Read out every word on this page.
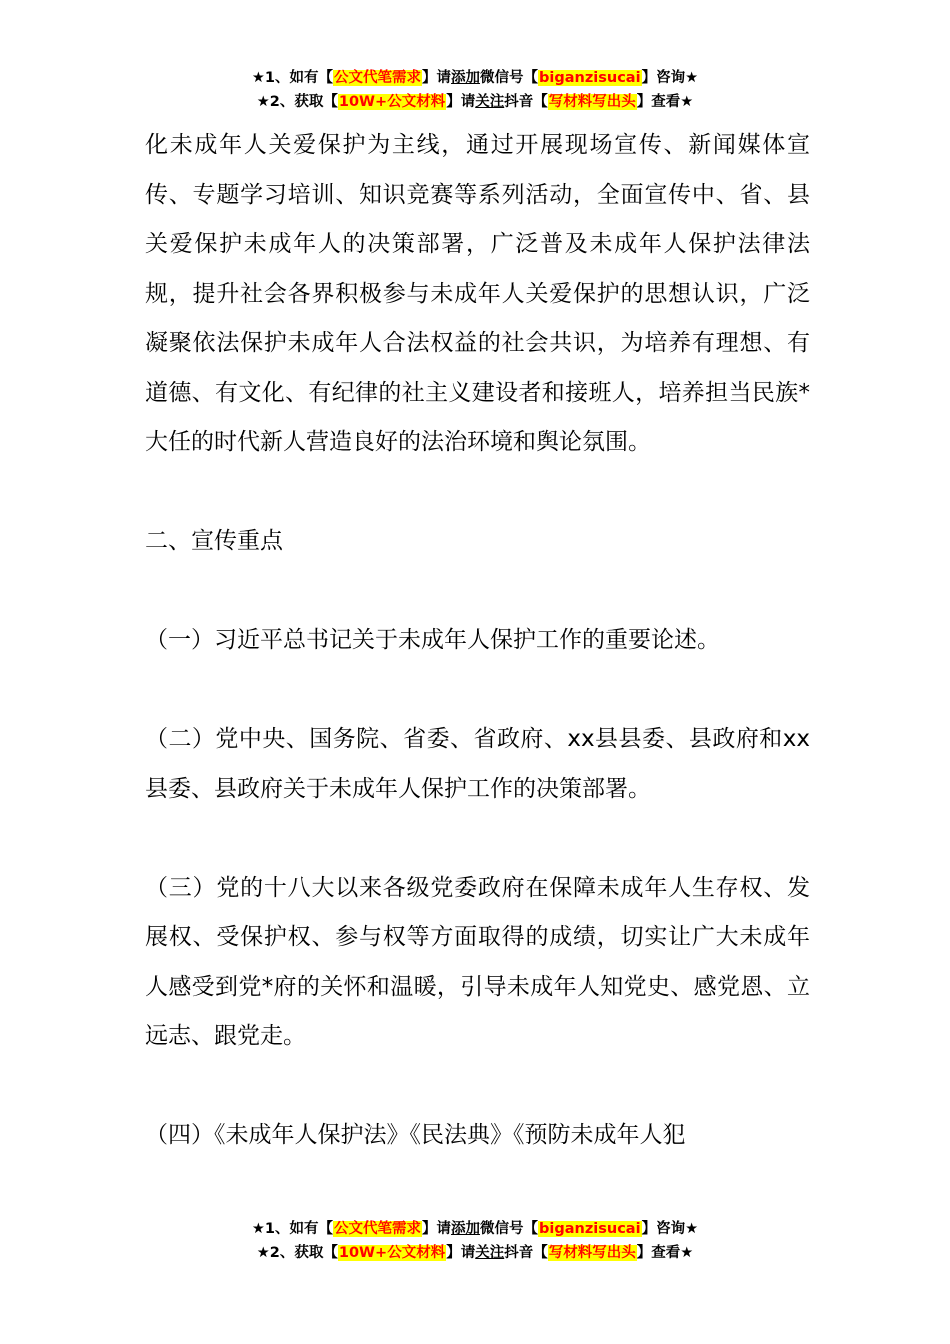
★1、如有【公文代笔需求】请添加微信号【biganzisucai】咨询★
★2、获取【10W+公文材料】请关注抖音【写材料写出头】查看★

化未成年人关爱保护为主线，通过开展现场宣传、新闻媒体宣传、专题学习培训、知识竞赛等系列活动，全面宣传中、省、县关爱保护未成年人的决策部署，广泛普及未成年人保护法律法规，提升社会各界积极参与未成年人关爱保护的思想认识，广泛凝聚依法保护未成年人合法权益的社会共识，为培养有理想、有道德、有文化、有纪律的社主义建设者和接班人，培养担当民族*大任的时代新人营造良好的法治环境和舆论氛围。

二、宣传重点

（一）习近平总书记关于未成年人保护工作的重要论述。

（二）党中央、国务院、省委、省政府、xx县县委、县政府和xx县委、县政府关于未成年人保护工作的决策部署。

（三）党的十八大以来各级党委政府在保障未成年人生存权、发展权、受保护权、参与权等方面取得的成绩，切实让广大未成年人感受到党*府的关怀和温暖，引导未成年人知党史、感党恩、立远志、跟党走。

（四）《未成年人保护法》《民法典》《预防未成年人犯

★1、如有【公文代笔需求】请添加微信号【biganzisucai】咨询★
★2、获取【10W+公文材料】请关注抖音【写材料写出头】查看★
